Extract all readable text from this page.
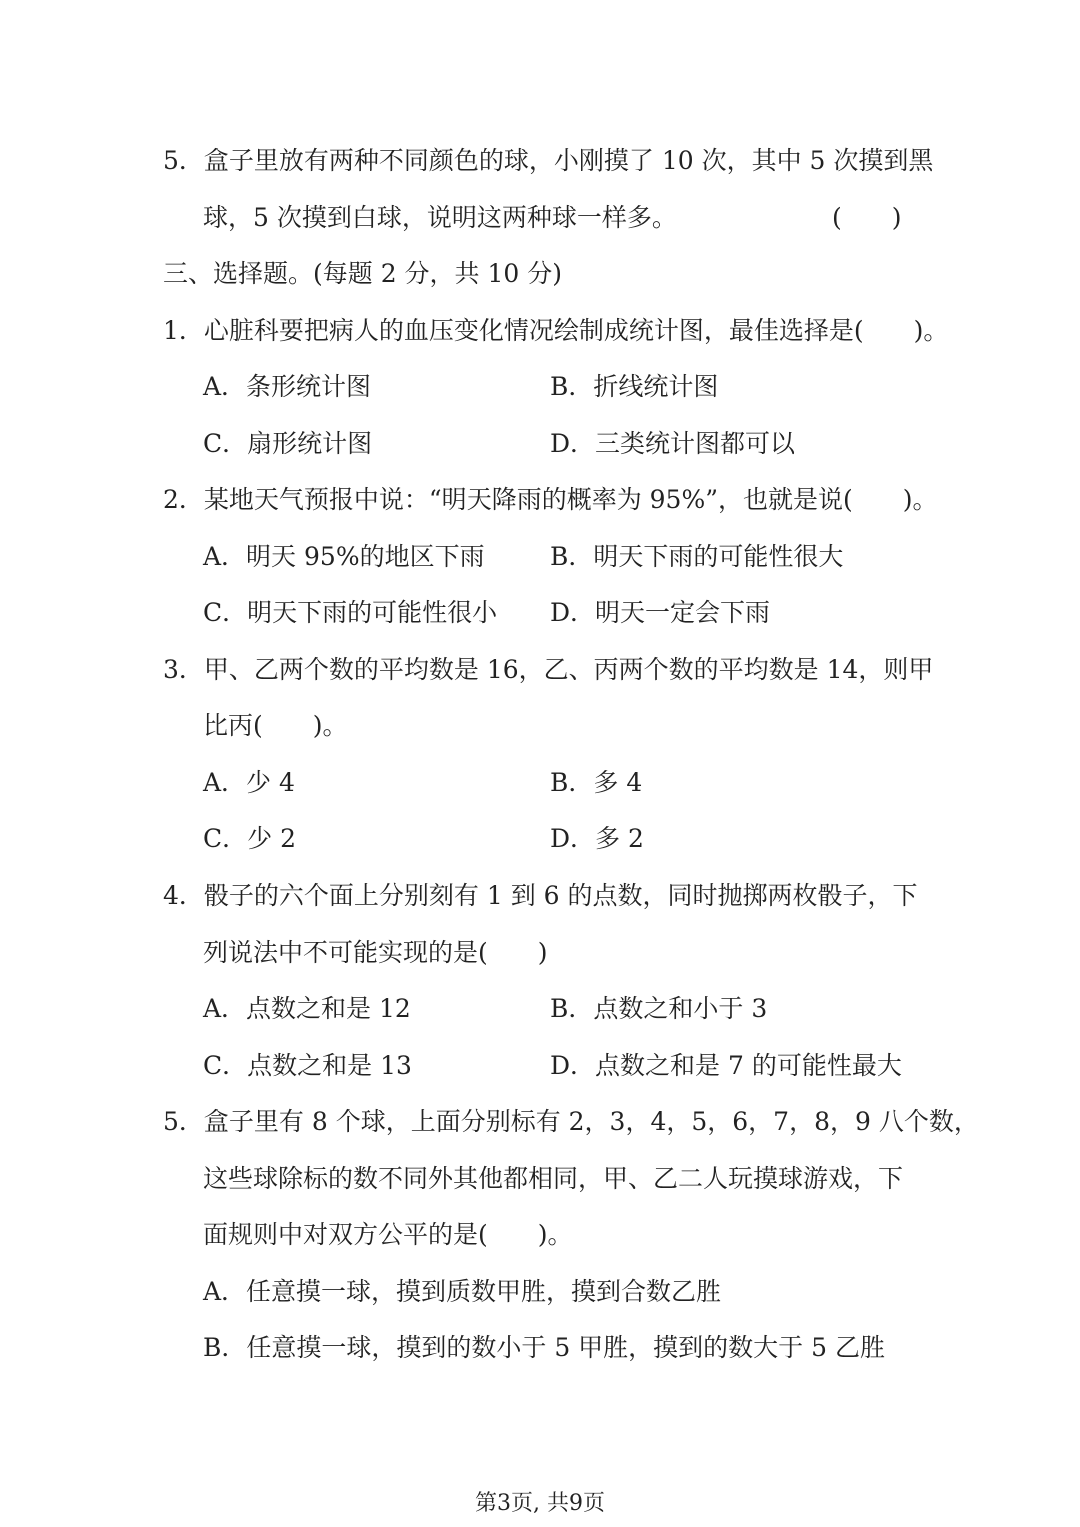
5．盒子里放有两种不同颜色的球，小刚摸了 10 次，其中 5 次摸到黑
球，5 次摸到白球，说明这两种球一样多。	(　　)
三、选择题。(每题 2 分，共 10 分)
1．心脏科要把病人的血压变化情况绘制成统计图，最佳选择是(　　)。
A．条形统计图	B．折线统计图
C．扇形统计图	D．三类统计图都可以
2．某地天气预报中说：“明天降雨的概率为 95%”，也就是说(　　)。
A．明天 95%的地区下雨	B．明天下雨的可能性很大
C．明天下雨的可能性很小 D．明天一定会下雨
3．甲、乙两个数的平均数是 16，乙、丙两个数的平均数是 14，则甲
比丙(　　)。
A．少 4	B．多 4
C．少 2	D．多 2
4．骰子的六个面上分别刻有 1 到 6 的点数，同时抛掷两枚骰子，下
列说法中不可能实现的是(　　)
A．点数之和是 12	B．点数之和小于 3
C．点数之和是 13	D．点数之和是 7 的可能性最大
5．盒子里有 8 个球，上面分别标有 2，3，4，5，6，7，8，9 八个数，
这些球除标的数不同外其他都相同，甲、乙二人玩摸球游戏，下
面规则中对双方公平的是(　　)。
A．任意摸一球，摸到质数甲胜，摸到合数乙胜
B．任意摸一球，摸到的数小于 5 甲胜，摸到的数大于 5 乙胜
第3页, 共9页
